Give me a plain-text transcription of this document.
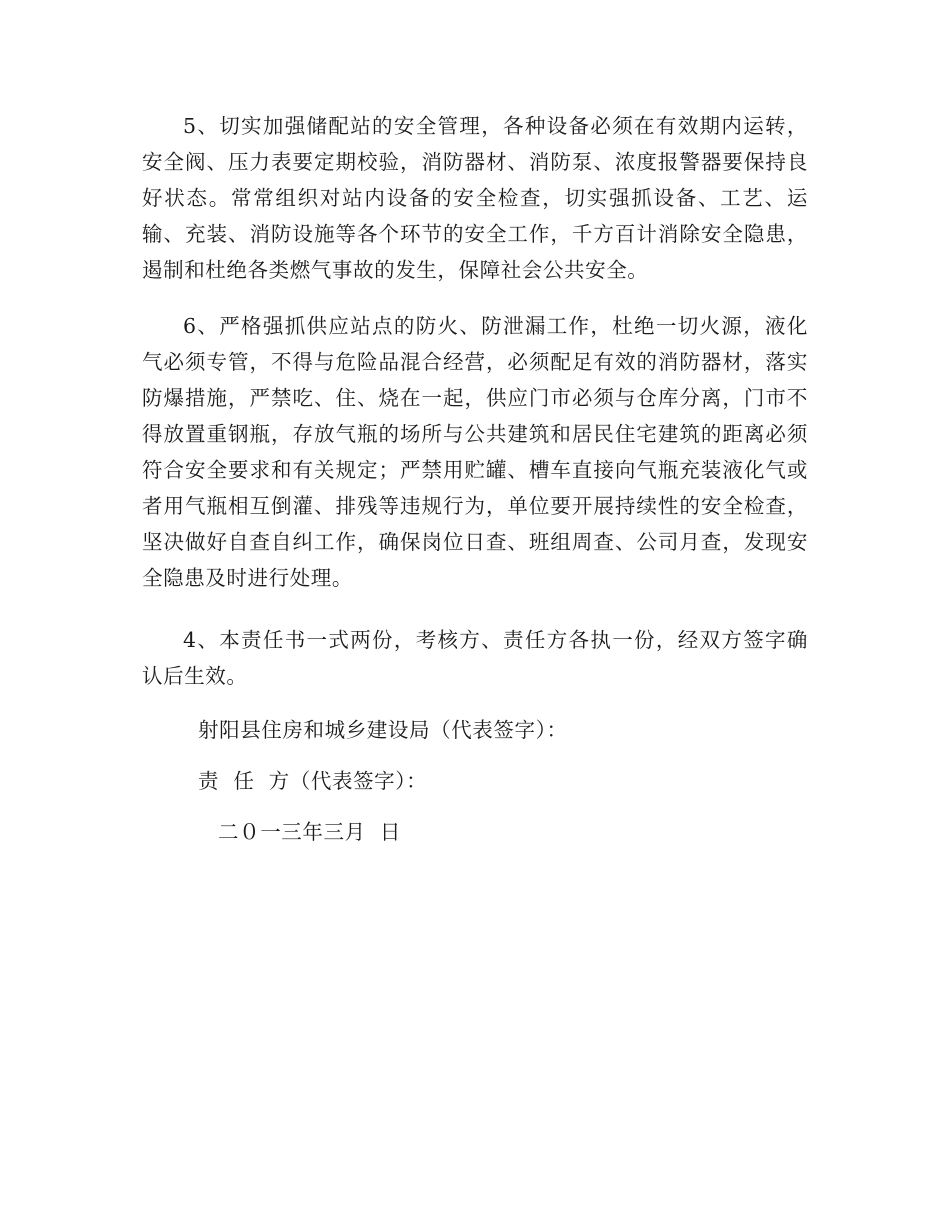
5、切实加强储配站的安全管理，各种设备必须在有效期内运转，安全阀、压力表要定期校验，消防器材、消防泵、浓度报警器要保持良好状态。常常组织对站内设备的安全检查，切实强抓设备、工艺、运输、充装、消防设施等各个环节的安全工作，千方百计消除安全隐患，遏制和杜绝各类燃气事故的发生，保障社会公共安全。

6、严格强抓供应站点的防火、防泄漏工作，杜绝一切火源，液化气必须专管，不得与危险品混合经营，必须配足有效的消防器材，落实防爆措施，严禁吃、住、烧在一起，供应门市必须与仓库分离，门市不得放置重钢瓶，存放气瓶的场所与公共建筑和居民住宅建筑的距离必须符合安全要求和有关规定；严禁用贮罐、槽车直接向气瓶充装液化气或者用气瓶相互倒灌、排残等违规行为，单位要开展持续性的安全检查，坚决做好自查自纠工作，确保岗位日查、班组周查、公司月查，发现安全隐患及时进行处理。

4、本责任书一式两份，考核方、责任方各执一份，经双方签字确认后生效。

射阳县住房和城乡建设局（代表签字）：

责  任  方（代表签字）：

二０一三年三月  日
